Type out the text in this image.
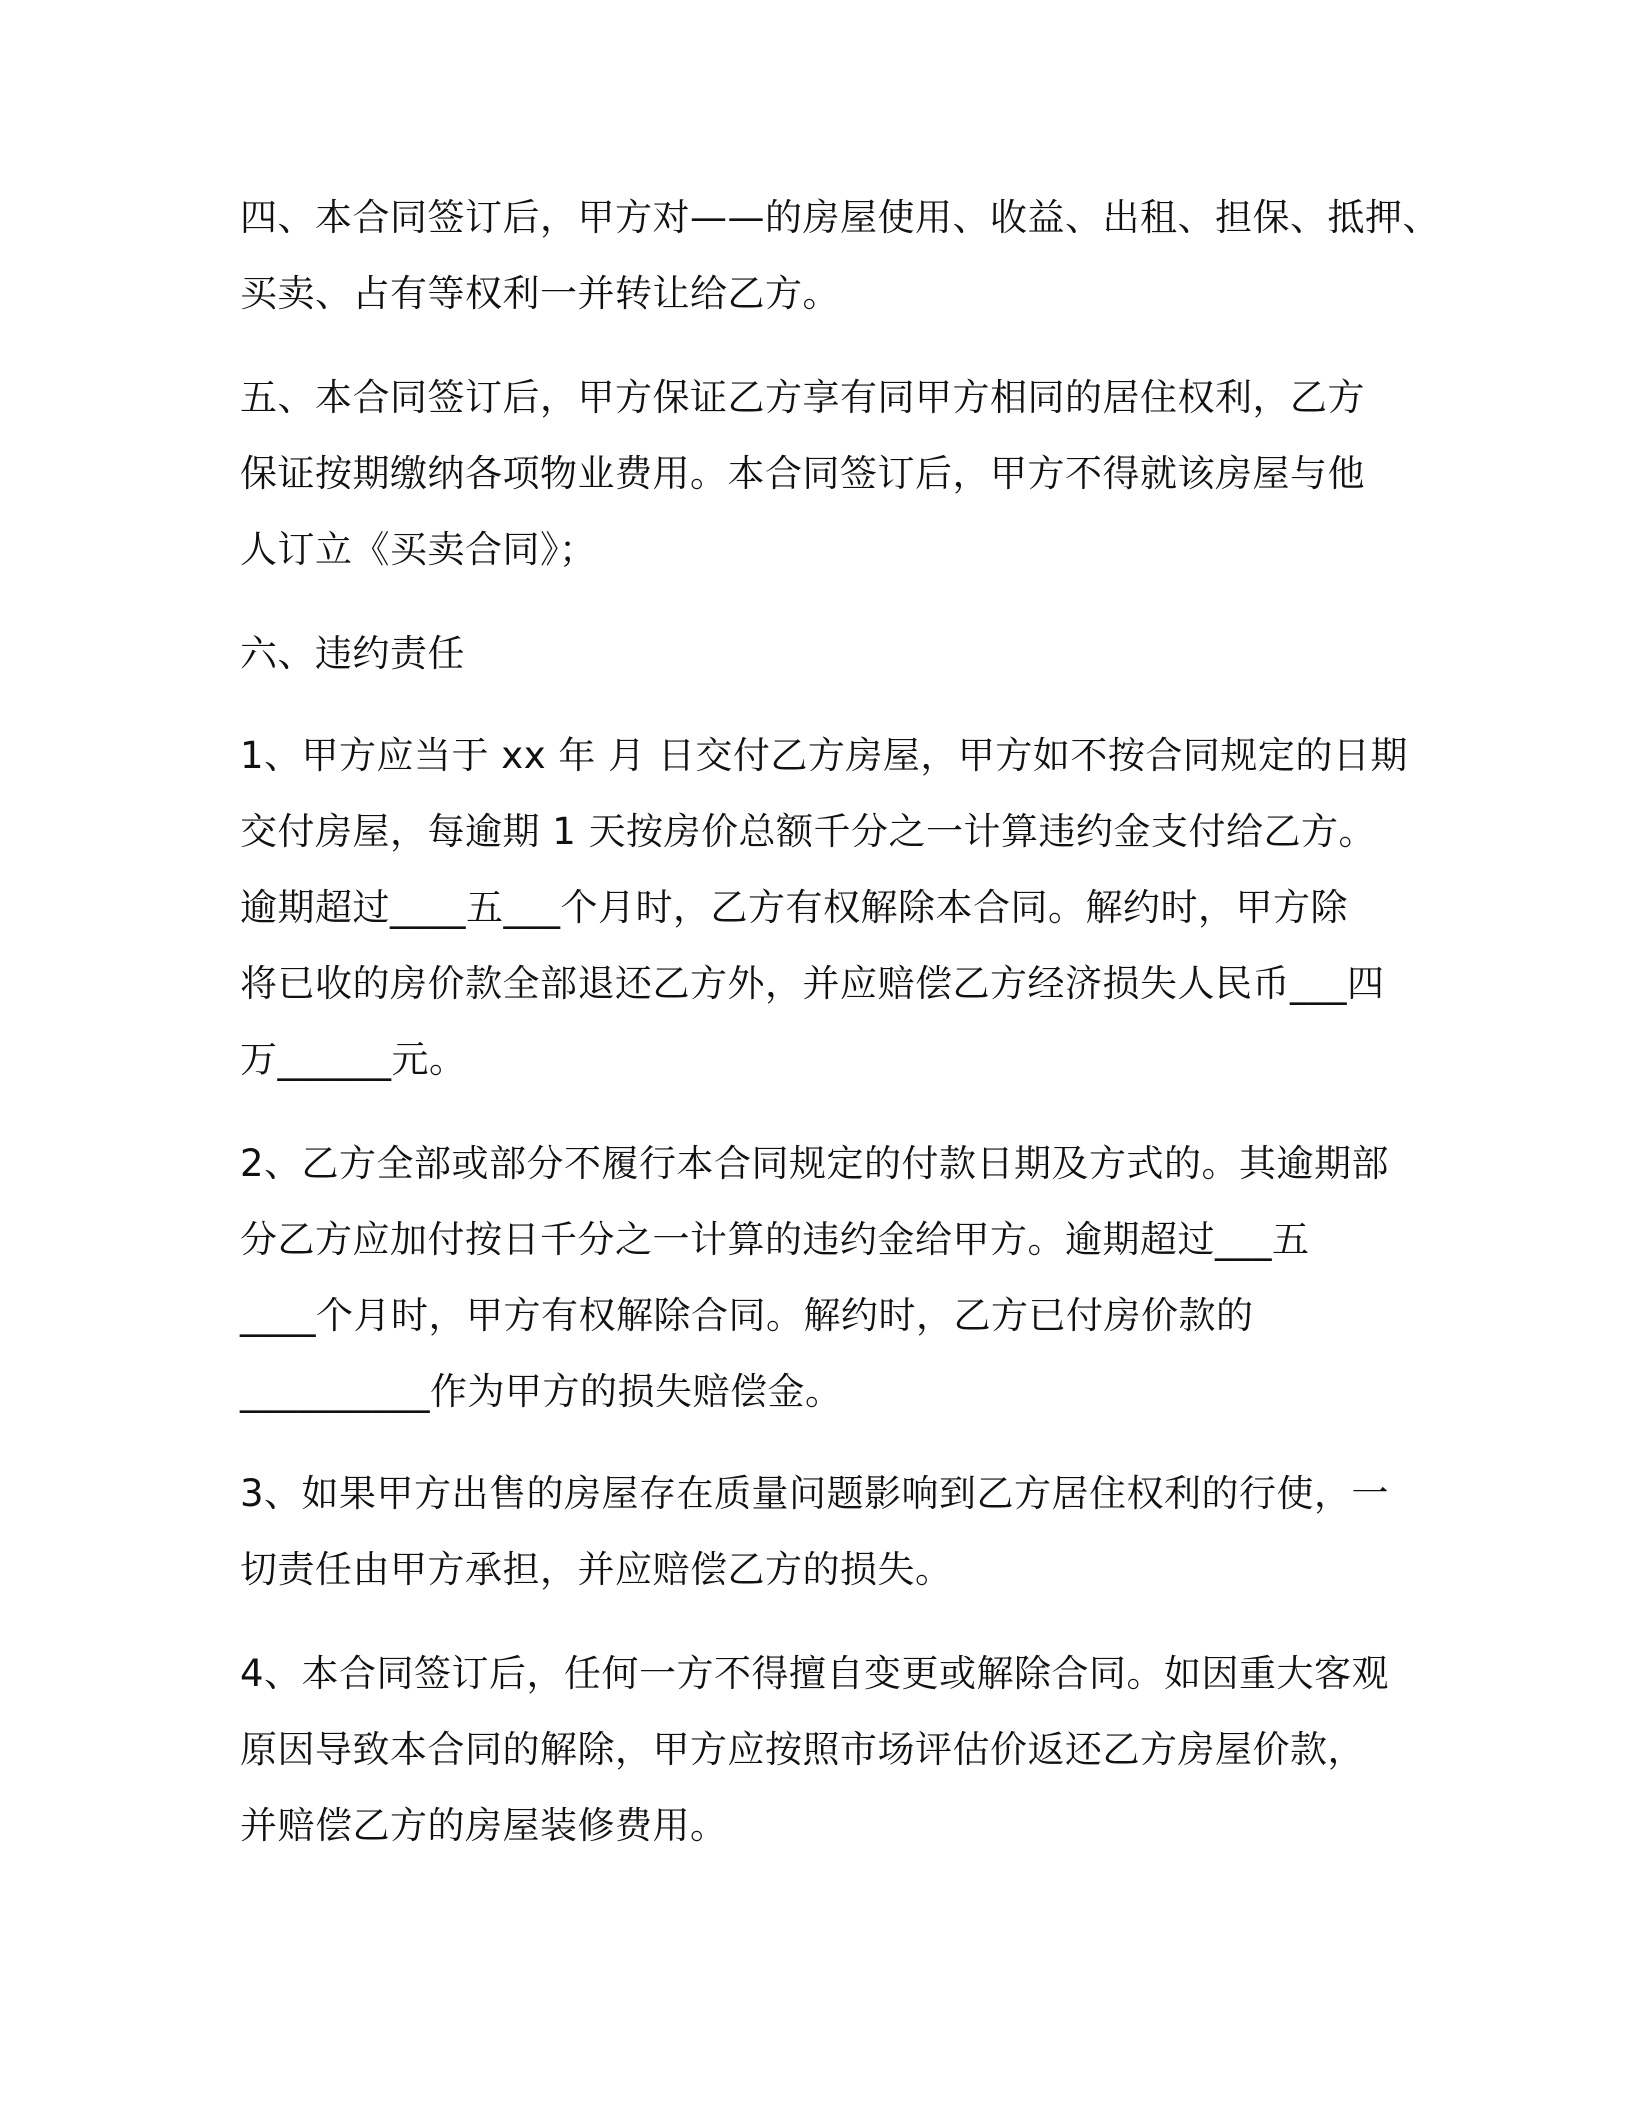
四、本合同签订后，甲方对——的房屋使用、收益、出租、担保、抵押、
买卖、占有等权利一并转让给乙方。
五、本合同签订后，甲方保证乙方享有同甲方相同的居住权利，乙方
保证按期缴纳各项物业费用。本合同签订后，甲方不得就该房屋与他
人订立《买卖合同》；
六、违约责任
1、甲方应当于 xx 年 月 日交付乙方房屋，甲方如不按合同规定的日期
交付房屋，每逾期 1 天按房价总额千分之一计算违约金支付给乙方。
逾期超过____五___个月时，乙方有权解除本合同。解约时，甲方除
将已收的房价款全部退还乙方外，并应赔偿乙方经济损失人民币___四
万______元。
2、乙方全部或部分不履行本合同规定的付款日期及方式的。其逾期部
分乙方应加付按日千分之一计算的违约金给甲方。逾期超过___五
____个月时，甲方有权解除合同。解约时，乙方已付房价款的
__________作为甲方的损失赔偿金。
3、如果甲方出售的房屋存在质量问题影响到乙方居住权利的行使，一
切责任由甲方承担，并应赔偿乙方的损失。
4、本合同签订后，任何一方不得擅自变更或解除合同。如因重大客观
原因导致本合同的解除，甲方应按照市场评估价返还乙方房屋价款，
并赔偿乙方的房屋装修费用。
